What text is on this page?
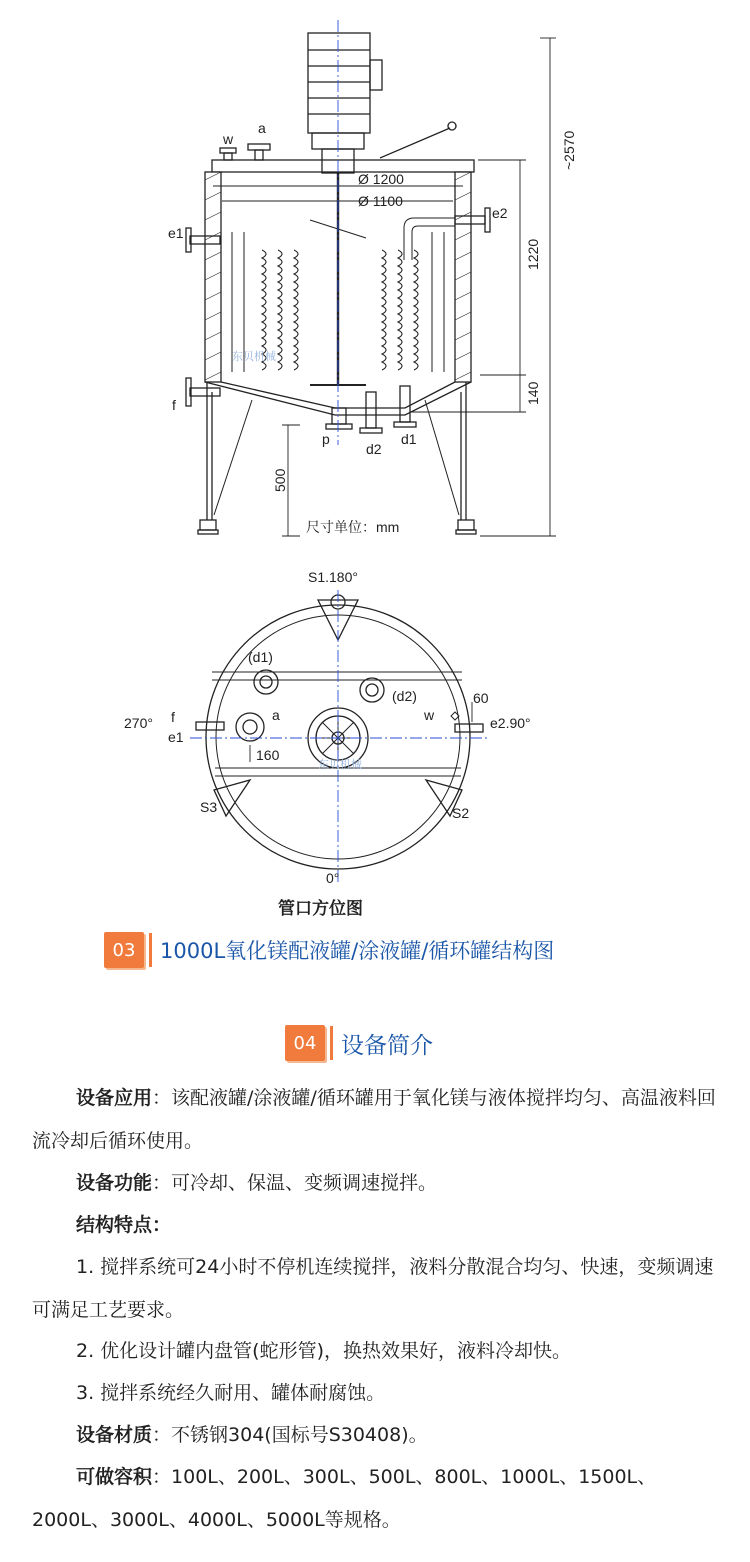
w
a
e1
e2
f
p
d2
d1
Ø 1200
Ø 1100
~2570
1220
140
500
尺寸单位：mm
东贝机械
S1.180°
270° f
e1
a
(d1)
(d2)
w	e2.90°
60
160
S3	S2
0°
东贝机械
管口方位图
03	1000L氧化镁配液罐/涂液罐/循环罐结构图
04	设备简介

设备应用：该配液罐/涂液罐/循环罐用于氧化镁与液体搅拌均匀、高温液料回流冷却后循环使用。

设备功能：可冷却、保温、变频调速搅拌。

结构特点：

1. 搅拌系统可24小时不停机连续搅拌，液料分散混合均匀、快速，变频调速可满足工艺要求。

2. 优化设计罐内盘管(蛇形管)，换热效果好，液料冷却快。

3. 搅拌系统经久耐用、罐体耐腐蚀。

设备材质：不锈钢304(国标号S30408)。

可做容积：100L、200L、300L、500L、800L、1000L、1500L、2000L、3000L、4000L、5000L等规格。
